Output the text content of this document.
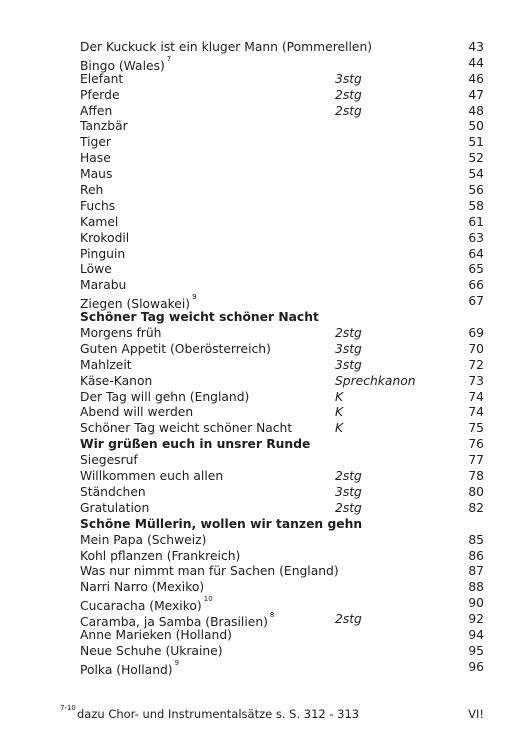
Der Kuckuck ist ein kluger Mann (Pommerellen)	43
Bingo (Wales)$^7$	44
Elefant	3stg	46
Pferde	2stg	47
Affen	2stg	48
Tanzbär	50
Tiger	51
Hase	52
Maus	54
Reh	56
Fuchs	58
Kamel	61
Krokodil	63
Pinguin	64
Löwe	65
Marabu	66
Ziegen (Slowakei)$^9$	67
Schöner Tag weicht schöner Nacht
Morgens früh	2stg	69
Guten Appetit (Oberösterreich)	3stg	70
Mahlzeit	3stg	72
Käse-Kanon	Sprechkanon	73
Der Tag will gehn (England)	K	74
Abend will werden	K	74
Schöner Tag weicht schöner Nacht	K	75
Wir grüßen euch in unsrer Runde	76
Siegesruf	77
Willkommen euch allen	2stg	78
Ständchen	3stg	80
Gratulation	2stg	82
Schöne Müllerin, wollen wir tanzen gehn
Mein Papa (Schweiz)	85
Kohl pflanzen (Frankreich)	86
Was nur nimmt man für Sachen (England)	87
Narri Narro (Mexiko)	88
Cucaracha (Mexiko)$^{10}$	90
Caramba, ja Samba (Brasilien)$^8$	2stg	92
Anne Marieken (Holland)	94
Neue Schuhe (Ukraine)	95
Polka (Holland)$^9$	96
7-10 dazu Chor- und Instrumentalsätze s. S. 312 - 313	VI!
